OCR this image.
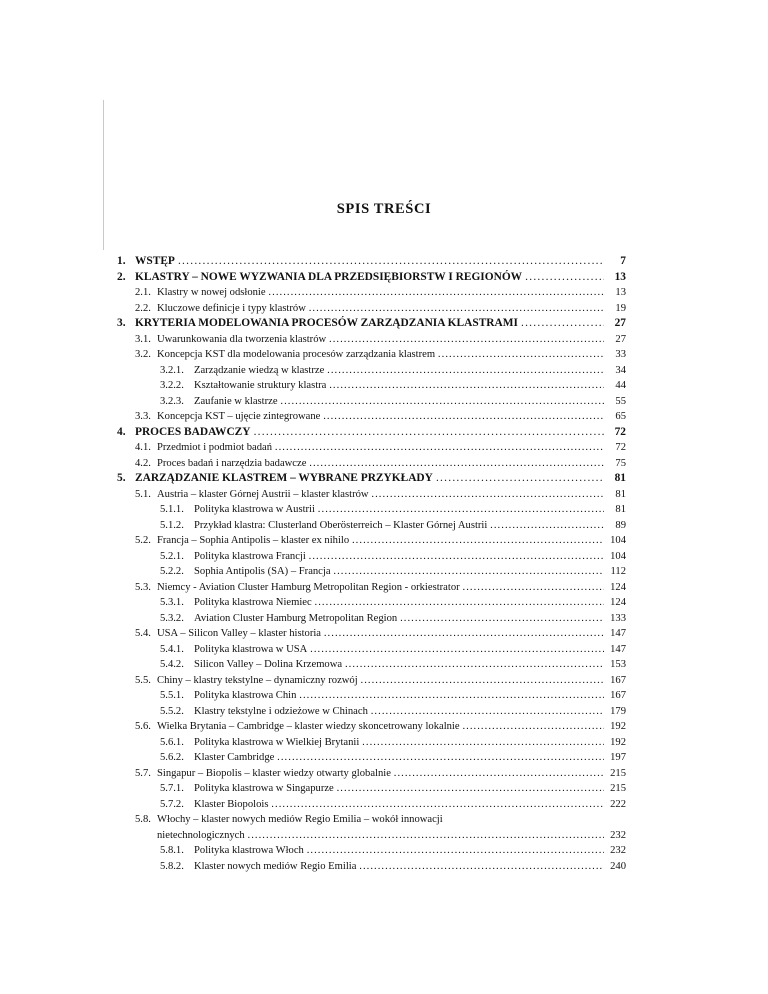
SPIS TREŚCI
1. WSTĘP . . .	7
2. KLASTRY – NOWE WYZWANIA DLA PRZEDSIĘBIORSTW I REGIONÓW . . .	13
2.1. Klastry w nowej odsłonie . . .	13
2.2. Kluczowe definicje i typy klastrów . . .	19
3. KRYTERIA MODELOWANIA PROCESÓW ZARZĄDZANIA KLASTRAMI . . .	27
3.1. Uwarunkowania dla tworzenia klastrów . . .	27
3.2. Koncepcja KST dla modelowania procesów zarządzania klastrem . . .	33
3.2.1. Zarządzanie wiedzą w klastrze . . .	34
3.2.2. Kształtowanie struktury klastra . . .	44
3.2.3. Zaufanie w klastrze . . .	55
3.3. Koncepcja KST – ujęcie zintegrowane . . .	65
4. PROCES BADAWCZY . . .	72
4.1. Przedmiot i podmiot badań . . .	72
4.2. Proces badań i narzędzia badawcze . . .	75
5. ZARZĄDZANIE KLASTREM – WYBRANE PRZYKŁADY . . .	81
5.1. Austria – klaster Górnej Austrii – klaster klastrów . . .	81
5.1.1. Polityka klastrowa w Austrii . . .	81
5.1.2. Przykład klastra: Clusterland Oberösterreich – Klaster Górnej Austrii . . .	89
5.2. Francja – Sophia Antipolis – klaster ex nihilo . . .	104
5.2.1. Polityka klastrowa Francji . . .	104
5.2.2. Sophia Antipolis (SA) – Francja . . .	112
5.3. Niemcy - Aviation Cluster Hamburg Metropolitan Region - orkiestrator . . .	124
5.3.1. Polityka klastrowa Niemiec . . .	124
5.3.2. Aviation Cluster Hamburg Metropolitan Region . . .	133
5.4. USA – Silicon Valley – klaster historia . . .	147
5.4.1. Polityka klastrowa w USA . . .	147
5.4.2. Silicon Valley – Dolina Krzemowa . . .	153
5.5. Chiny – klastry tekstylne – dynamiczny rozwój . . .	167
5.5.1. Polityka klastrowa Chin . . .	167
5.5.2. Klastry tekstylne i odzieżowe w Chinach . . .	179
5.6. Wielka Brytania – Cambridge – klaster wiedzy skoncetrowany lokalnie . . .	192
5.6.1. Polityka klastrowa w Wielkiej Brytanii . . .	192
5.6.2. Klaster Cambridge . . .	197
5.7. Singapur – Biopolis – klaster wiedzy otwarty globalnie . . .	215
5.7.1. Polityka klastrowa w Singapurze . . .	215
5.7.2. Klaster Biopolois . . .	222
5.8. Włochy – klaster nowych mediów Regio Emilia – wokół innowacji
nietechnologicznych . . .	232
5.8.1. Polityka klastrowa Włoch . . .	232
5.8.2. Klaster nowych mediów Regio Emilia . . .	240
